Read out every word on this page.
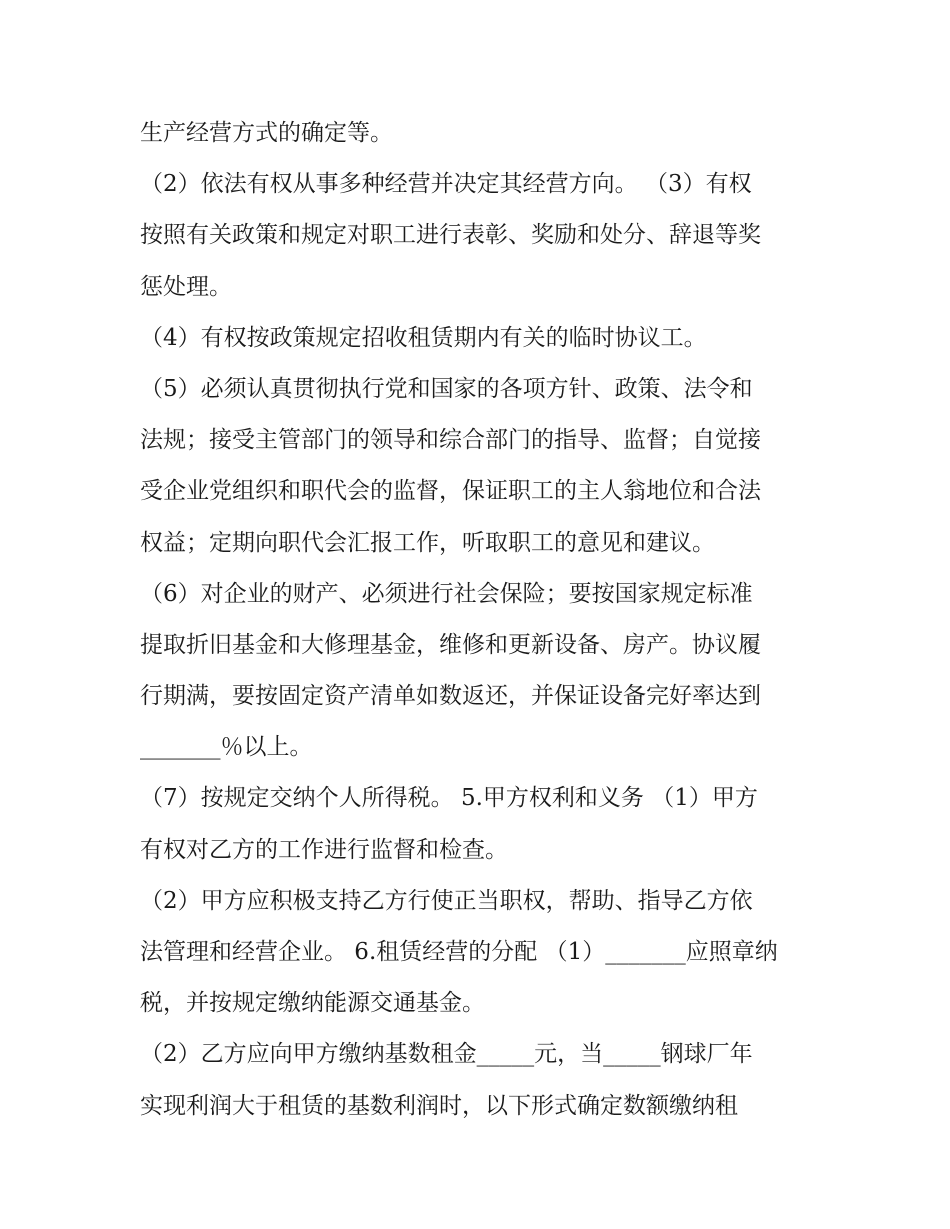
生产经营方式的确定等。
（2）依法有权从事多种经营并决定其经营方向。 （3）有权
按照有关政策和规定对职工进行表彰、奖励和处分、辞退等奖
惩处理。
（4）有权按政策规定招收租赁期内有关的临时协议工。
（5）必须认真贯彻执行党和国家的各项方针、政策、法令和
法规；接受主管部门的领导和综合部门的指导、监督；自觉接
受企业党组织和职代会的监督，保证职工的主人翁地位和合法
权益；定期向职代会汇报工作，听取职工的意见和建议。
（6）对企业的财产、必须进行社会保险；要按国家规定标准
提取折旧基金和大修理基金，维修和更新设备、房产。协议履
行期满，要按固定资产清单如数返还，并保证设备完好率达到
_______％以上。
（7）按规定交纳个人所得税。 5.甲方权利和义务 （1）甲方
有权对乙方的工作进行监督和检查。
（2）甲方应积极支持乙方行使正当职权，帮助、指导乙方依
法管理和经营企业。 6.租赁经营的分配 （1）_______应照章纳
税，并按规定缴纳能源交通基金。
（2）乙方应向甲方缴纳基数租金_____元，当_____钢球厂年
实现利润大于租赁的基数利润时，以下形式确定数额缴纳租
